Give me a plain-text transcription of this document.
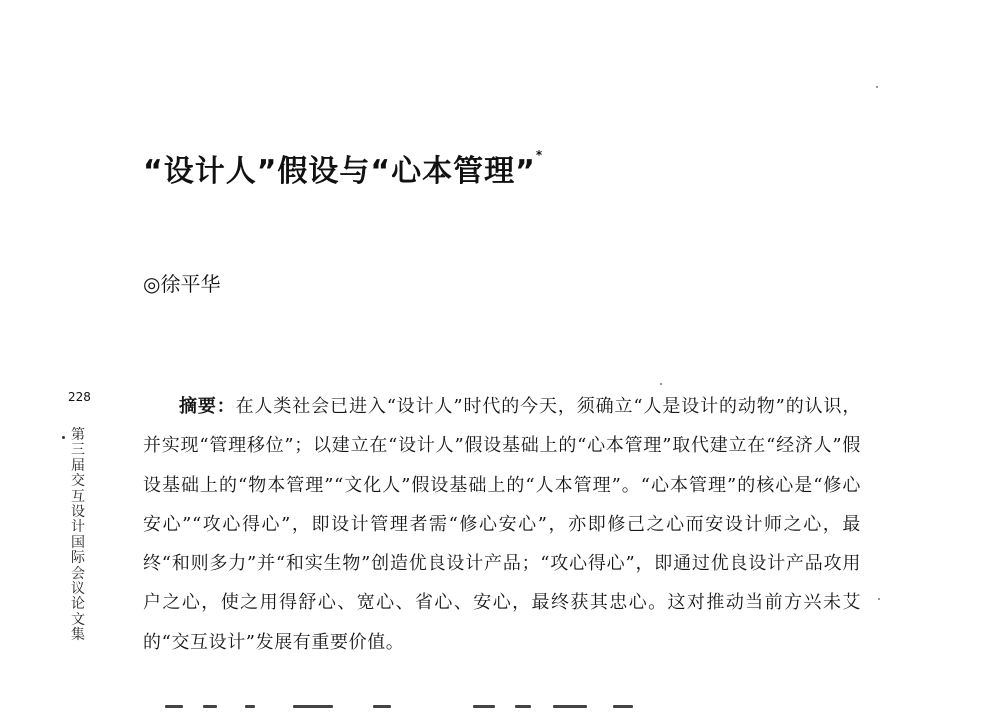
“设计人”假设与“心本管理”*
◎徐平华
228
第
三
届
交
互
设
计
国
际
会
议
论
文
集

摘要：在人类社会已进入“设计人”时代的今天，须确立“人是设计的动物”的认识，并实现“管理移位”；以建立在“设计人”假设基础上的“心本管理”取代建立在“经济人”假设基础上的“物本管理”“文化人”假设基础上的“人本管理”。“心本管理”的核心是“修心安心”“攻心得心”，即设计管理者需“修心安心”，亦即修己之心而安设计师之心，最终“和则多力”并“和实生物”创造优良设计产品；“攻心得心”，即通过优良设计产品攻用户之心，使之用得舒心、宽心、省心、安心，最终获其忠心。这对推动当前方兴未艾的“交互设计”发展有重要价值。
